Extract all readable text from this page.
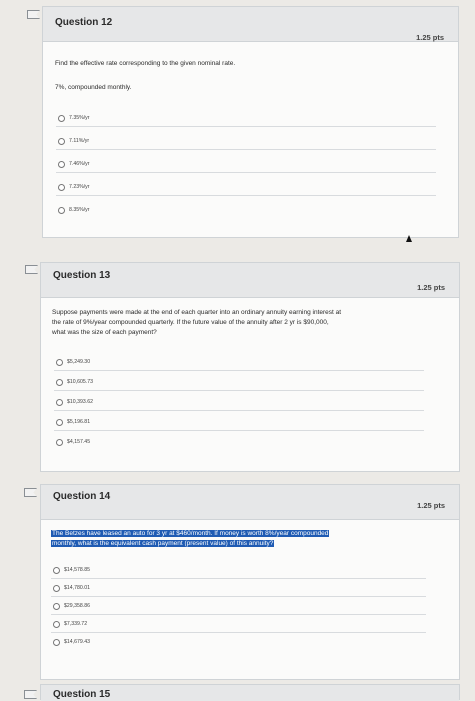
Question 12
1.25 pts
Find the effective rate corresponding to the given nominal rate.
7%, compounded monthly.
7.35%/yr
7.11%/yr
7.46%/yr
7.23%/yr
8.35%/yr
Question 13
1.25 pts
Suppose payments were made at the end of each quarter into an ordinary annuity earning interest at
the rate of 9%/year compounded quarterly. If the future value of the annuity after 2 yr is $90,000,
what was the size of each payment?
$5,249.30
$10,605.73
$10,393.62
$5,196.81
$4,157.45
Question 14
1.25 pts
The Betzes have leased an auto for 3 yr at $460/month. If money is worth 8%/year compounded
monthly, what is the equivalent cash payment (present value) of this annuity?
$14,578.85
$14,780.01
$29,358.86
$7,339.72
$14,679.43
Question 15
